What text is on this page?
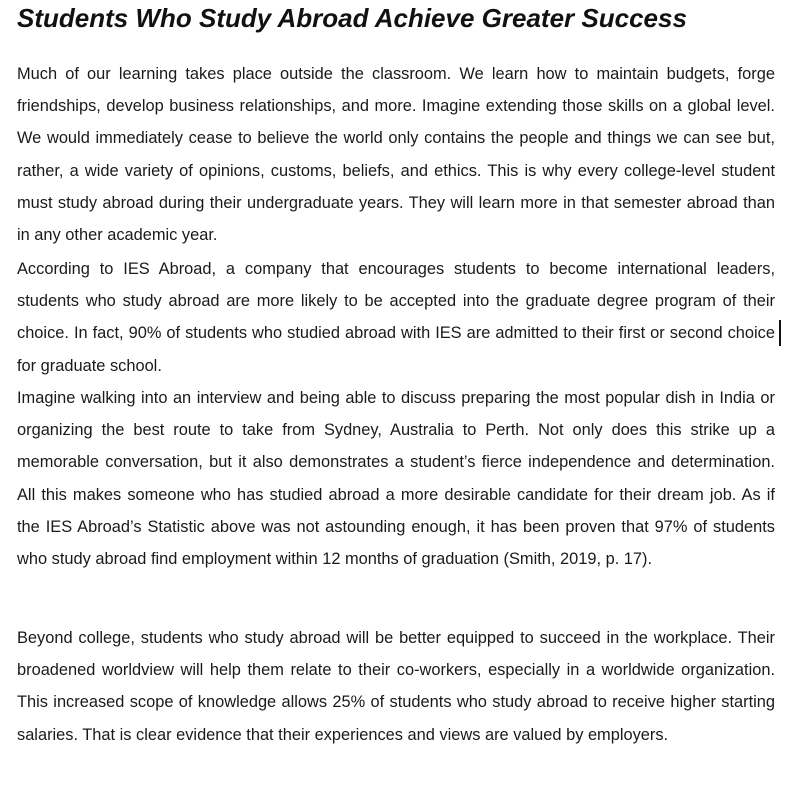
Students Who Study Abroad Achieve Greater Success

Much of our learning takes place outside the classroom. We learn how to maintain budgets, forge friendships, develop business relationships, and more. Imagine extending those skills on a global level. We would immediately cease to believe the world only contains the people and things we can see but, rather, a wide variety of opinions, customs, beliefs, and ethics. This is why every college-level student must study abroad during their undergraduate years. They will learn more in that semester abroad than in any other academic year.

According to IES Abroad, a company that encourages students to become international leaders, students who study abroad are more likely to be accepted into the graduate degree program of their choice. In fact, 90% of students who studied abroad with IES are admitted to their first or second choice for graduate school.

Imagine walking into an interview and being able to discuss preparing the most popular dish in India or organizing the best route to take from Sydney, Australia to Perth. Not only does this strike up a memorable conversation, but it also demonstrates a student’s fierce independence and determination. All this makes someone who has studied abroad a more desirable candidate for their dream job. As if the IES Abroad’s Statistic above was not astounding enough, it has been proven that 97% of students who study abroad find employment within 12 months of graduation (Smith, 2019, p. 17).

Beyond college, students who study abroad will be better equipped to succeed in the workplace. Their broadened worldview will help them relate to their co-workers, especially in a worldwide organization. This increased scope of knowledge allows 25% of students who study abroad to receive higher starting salaries. That is clear evidence that their experiences and views are valued by employers.
